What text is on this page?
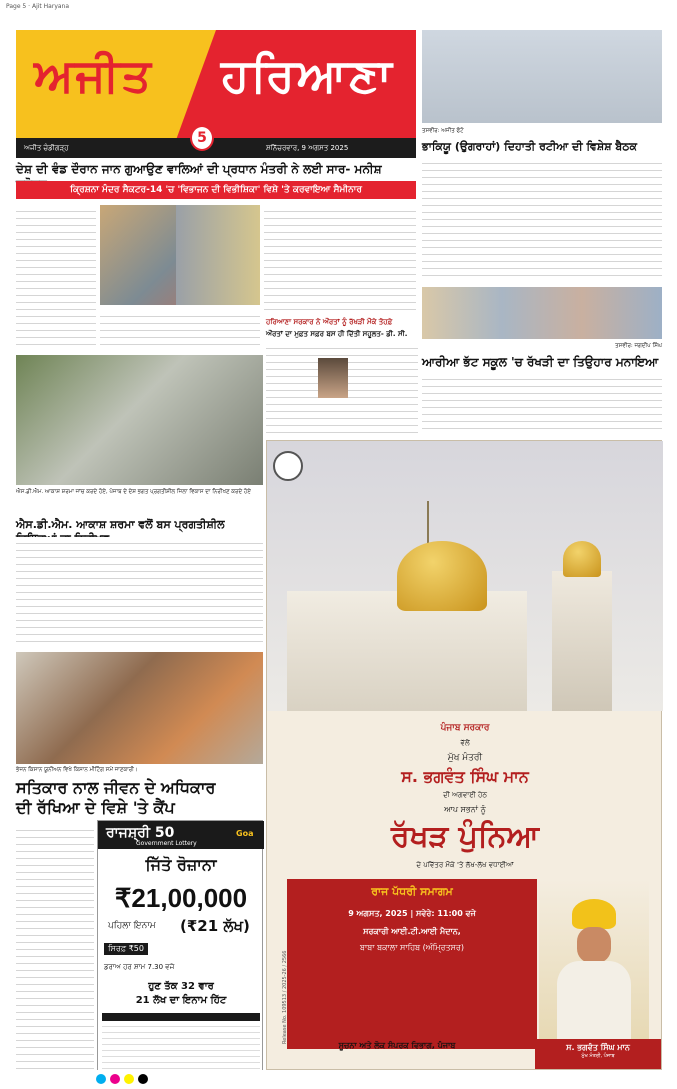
Page 5 · Ajit Haryana
ਅਜੀਤ ਹਰਿਆਣਾ
ਅਜੀਤ ਚੰਡੀਗੜ੍ਹ	ਸ਼ਨਿੱਚਰਵਾਰ, 9 ਅਗਸਤ 2025
5
ਦੇਸ਼ ਦੀ ਵੰਡ ਦੌਰਾਨ ਜਾਨ ਗੁਆਉਣ ਵਾਲਿਆਂ ਦੀ ਪ੍ਰਧਾਨ ਮੰਤਰੀ ਨੇ ਲਈ ਸਾਰ- ਮਨੀਸ਼
ਕ੍ਰਿਸ਼ਨਾ ਮੰਦਰ ਸੈਕਟਰ-14 'ਚ 'ਵਿਭਾਜਨ ਦੀ ਵਿਭੀਸ਼ਿਕਾ' ਵਿਸ਼ੇ 'ਤੇ ਕਰਵਾਇਆ ਸੈਮੀਨਾਰ
ਤਸਵੀਰ: ਅਜੀਤ ਫੋਟੋ
ਭਾਕਿਯੂ (ਉਗਰਾਹਾਂ) ਦਿਹਾਤੀ ਰਟੀਆ ਦੀ ਵਿਸ਼ੇਸ਼ ਬੈਠਕ
ਤਸਵੀਰ: ਜਗਦੀਪ ਸਿੰਘ
ਆਰੀਆ ਭੱਟ ਸਕੂਲ 'ਚ ਰੱਖੜੀ ਦਾ ਤਿਉਹਾਰ ਮਨਾਇਆ
ਹਰਿਆਣਾ ਸਰਕਾਰ ਨੇ ਔਰਤਾਂ ਨੂੰ ਰੱਖੜੀ ਮੌਕੇ ਤੋਹਫ਼ੇ
ਔਰਤਾਂ ਦਾ ਮੁਫ਼ਤ ਸਫ਼ਰ ਬਸ ਹੀ ਦਿੱਤੀ ਸਹੂਲਤ- ਡੀ. ਸੀ.
ਐਸ.ਡੀ.ਐਮ. ਆਕਾਸ਼ ਸ਼ਰਮਾ ਜਾਂਚ ਕਰਦੇ ਹੋਏ, ਪੰਜਾਬ ਦੇ ਦੇਸ਼ ਭਗਤ ਪ੍ਰਗਤੀਸ਼ੀਲ ਜਿਲਾ ਵਿਕਾਸ ਦਾ ਨਿਰੀਖਣ ਕਰਦੇ ਹੋਏ
ਐਸ.ਡੀ.ਐਮ. ਆਕਾਸ਼ ਸ਼ਰਮਾ ਵਲੋਂ ਬਸ ਪ੍ਰਗਤੀਸ਼ੀਲ
ਭੇਜਨ ਕਿਸਾਨ ਯੂਨੀਅਨ ਵਿਖੇ ਕਿਸਾਨ ਮੀਟਿੰਗ ਸਮੇਂ ਜਾਣਕਾਰੀ।
ਸਤਿਕਾਰ ਨਾਲ ਜੀਵਨ ਦੇ ਅਧਿਕਾਰ
ਦੀ ਰੱਖਿਆ ਦੇ ਵਿਸ਼ੇ 'ਤੇ ਕੈਂਪ
ਰਾਜਸ਼੍ਰੀ 50
Government Lottery
Goa
ਜਿੱਤੋ ਰੋਜ਼ਾਨਾ
₹21,00,000
ਪਹਿਲਾ ਇਨਾਮ (₹21 ਲੱਖ)
ਸਿਰਫ਼ ₹50
ਡਰਾਅ ਹਰ ਸ਼ਾਮ 7.30 ਵਜੇ
ਹੁਣ ਤੱਕ 32 ਵਾਰ
21 ਲੱਖ ਦਾ ਇਨਾਮ ਹਿੱਟ
ਪੰਜਾਬ ਸਰਕਾਰ
ਵੱਲੋਂ
ਮੁੱਖ ਮੰਤਰੀ
ਸ. ਭਗਵੰਤ ਸਿੰਘ ਮਾਨ
ਦੀ ਅਗਵਾਈ ਹੇਠ
ਆਪ ਸਭਨਾਂ ਨੂੰ
ਰੱਖੜ ਪੁੰਨਿਆ
ਦੇ ਪਵਿੱਤਰ ਮੌਕੇ 'ਤੇ ਲੱਖ-ਲੱਖ ਵਧਾਈਆਂ
ਰਾਜ ਪੱਧਰੀ ਸਮਾਗਮ
9 ਅਗਸਤ, 2025 | ਸਵੇਰੇ: 11:00 ਵਜੇ
ਸਰਕਾਰੀ ਆਈ.ਟੀ.ਆਈ ਮੈਦਾਨ,
ਬਾਬਾ ਬਕਾਲਾ ਸਾਹਿਬ (ਅੰਮ੍ਰਿਤਸਰ)
ਸੂਚਨਾ ਅਤੇ ਲੋਕ ਸੰਪਰਕ ਵਿਭਾਗ, ਪੰਜਾਬ	ਸ. ਭਗਵੰਤ ਸਿੰਘ ਮਾਨ
ਮੁੱਖ ਮੰਤਰੀ, ਪੰਜਾਬ
Release No. 109513 / 2025-26 / 2566
